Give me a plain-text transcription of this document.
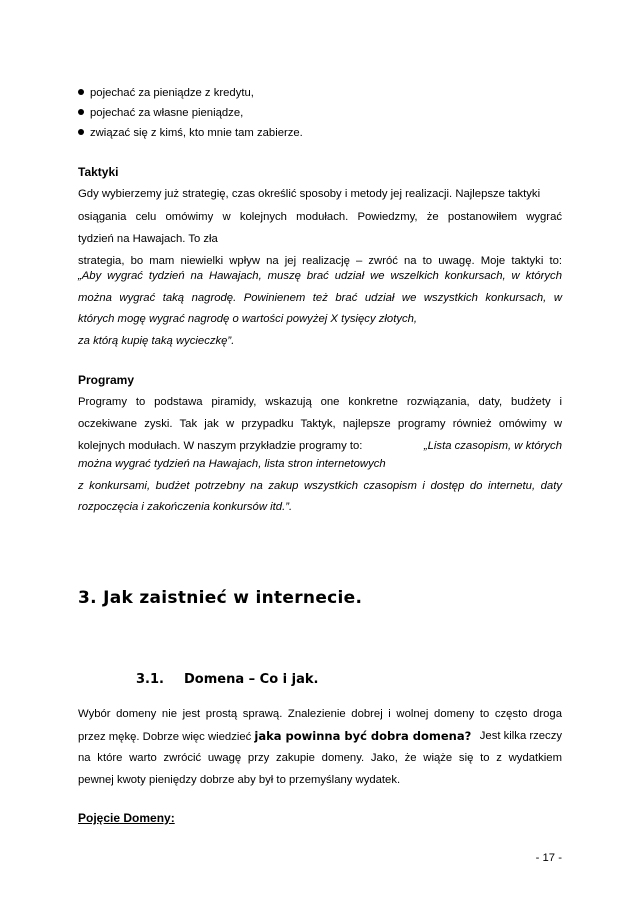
pojechać za pieniądze z kredytu,
pojechać za własne pieniądze,
związać się z kimś, kto mnie tam zabierze.
Taktyki
Gdy wybierzemy już strategię, czas określić sposoby i metody jej realizacji. Najlepsze taktyki
osiągania celu omówimy w kolejnych modułach. Powiedzmy, że postanowiłem wygrać
tydzień na Hawajach. To zła
strategia, bo mam niewielki wpływ na jej realizację – zwróć na to uwagę. Moje taktyki to:
„Aby wygrać tydzień na Hawajach, muszę brać udział we wszelkich konkursach, w których
można wygrać taką nagrodę. Powinienem też brać udział we wszystkich konkursach, w
których mogę wygrać nagrodę o wartości powyżej X tysięcy złotych,
za którą kupię taką wycieczkę”.
Programy
Programy to podstawa piramidy, wskazują one konkretne rozwiązania, daty, budżety i
oczekiwane zyski. Tak jak w przypadku Taktyk, najlepsze programy również omówimy w
kolejnych modułach. W naszym przykładzie programy to:	„Lista czasopism, w których
można wygrać tydzień na Hawajach, lista stron internetowych
z konkursami, budżet potrzebny na zakup wszystkich czasopism i dostęp do internetu, daty
rozpoczęcia i zakończenia konkursów itd.”.
3. Jak zaistnieć w internecie.
3.1. Domena – Co i jak.
Wybór domeny nie jest prostą sprawą. Znalezienie dobrej i wolnej domeny to często droga
przez mękę. Dobrze więc wiedzieć jaka powinna być dobra domena? Jest kilka rzeczy
na które warto zwrócić uwagę przy zakupie domeny. Jako, że wiąże się to z wydatkiem
pewnej kwoty pieniędzy dobrze aby był to przemyślany wydatek.
Pojęcie Domeny:
- 17 -
